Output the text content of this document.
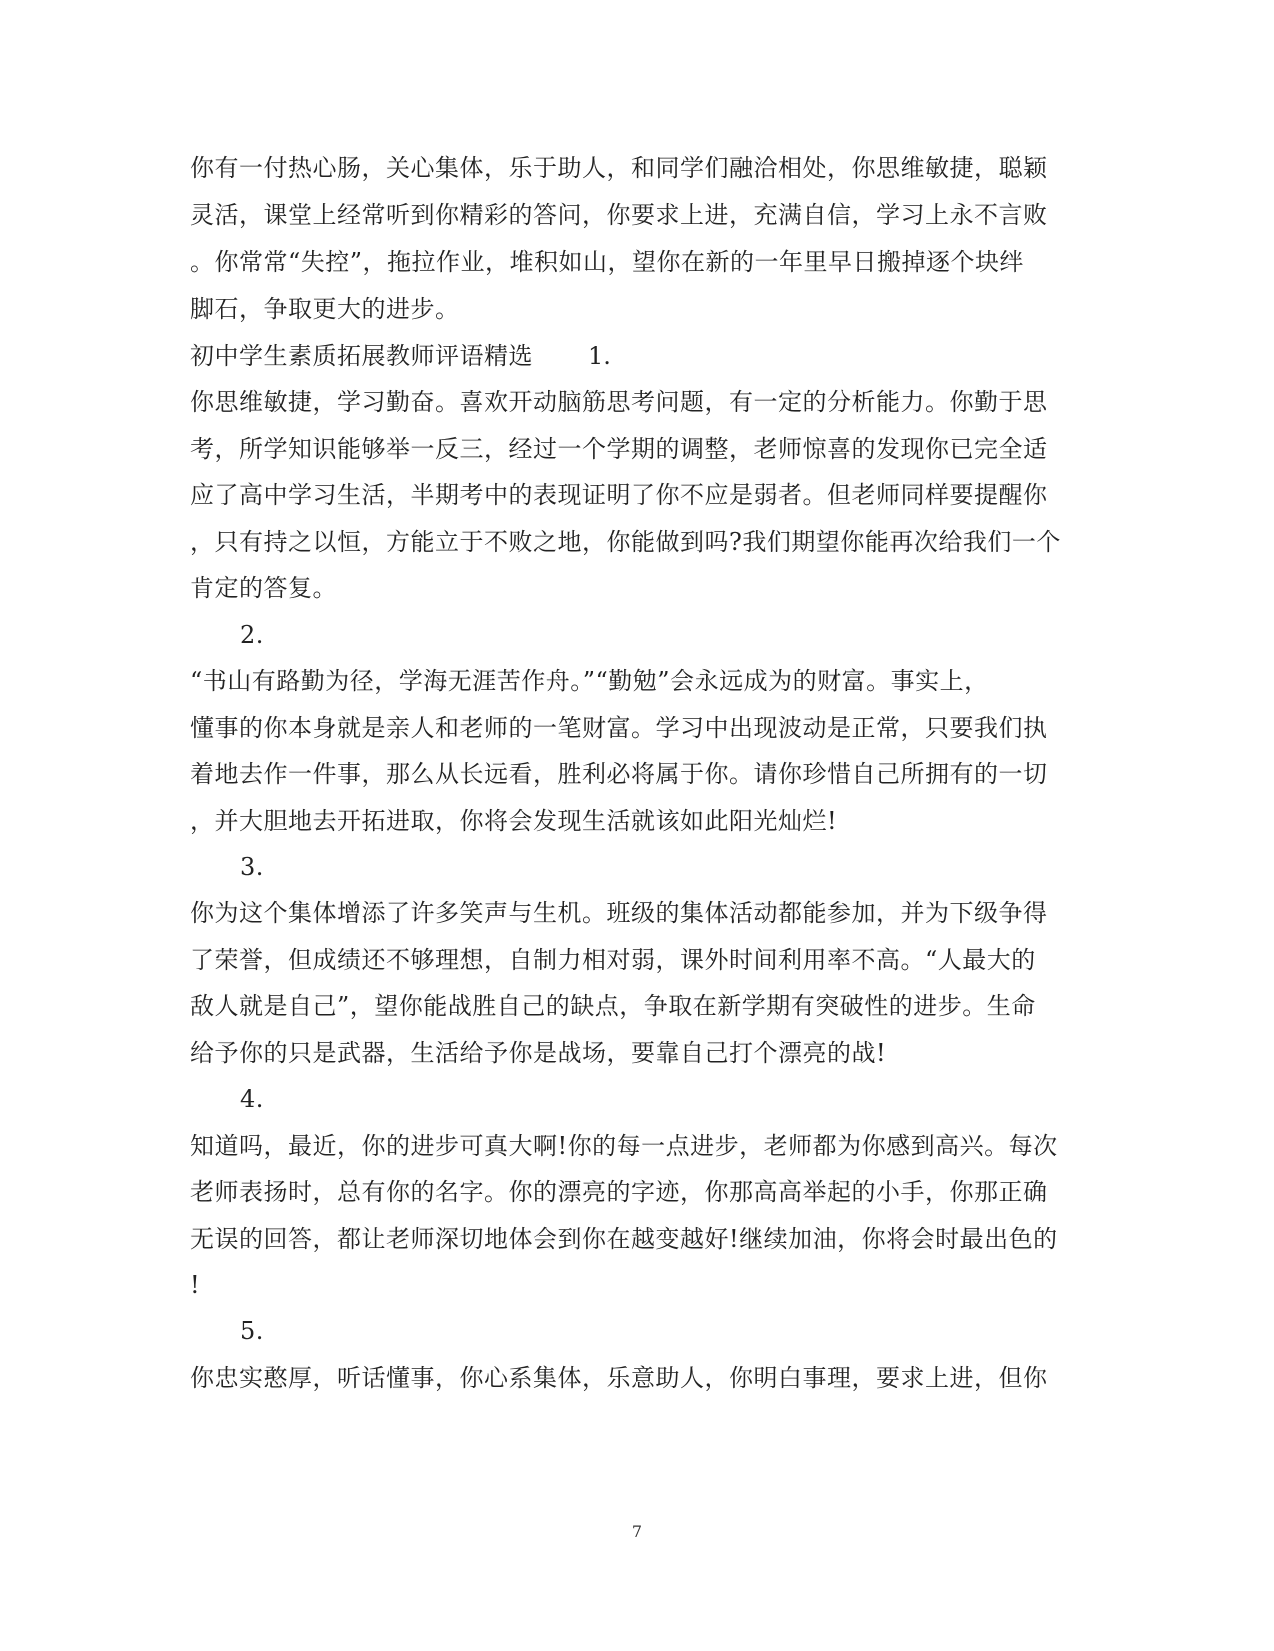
你有一付热心肠，关心集体，乐于助人，和同学们融洽相处，你思维敏捷，聪颖
灵活，课堂上经常听到你精彩的答问，你要求上进，充满自信，学习上永不言败
。你常常“失控”，拖拉作业，堆积如山，望你在新的一年里早日搬掉逐个块绊
脚石，争取更大的进步。
初中学生素质拓展教师评语精选 1.
你思维敏捷，学习勤奋。喜欢开动脑筋思考问题，有一定的分析能力。你勤于思
考，所学知识能够举一反三，经过一个学期的调整，老师惊喜的发现你已完全适
应了高中学习生活，半期考中的表现证明了你不应是弱者。但老师同样要提醒你
，只有持之以恒，方能立于不败之地，你能做到吗?我们期望你能再次给我们一个
肯定的答复。
2.
“书山有路勤为径，学海无涯苦作舟。”“勤勉”会永远成为的财富。事实上，
懂事的你本身就是亲人和老师的一笔财富。学习中出现波动是正常，只要我们执
着地去作一件事，那么从长远看，胜利必将属于你。请你珍惜自己所拥有的一切
，并大胆地去开拓进取，你将会发现生活就该如此阳光灿烂!
3.
你为这个集体增添了许多笑声与生机。班级的集体活动都能参加，并为下级争得
了荣誉，但成绩还不够理想，自制力相对弱，课外时间利用率不高。“人最大的
敌人就是自己”，望你能战胜自己的缺点，争取在新学期有突破性的进步。生命
给予你的只是武器，生活给予你是战场，要靠自己打个漂亮的战!
4.
知道吗，最近，你的进步可真大啊!你的每一点进步，老师都为你感到高兴。每次
老师表扬时，总有你的名字。你的漂亮的字迹，你那高高举起的小手，你那正确
无误的回答，都让老师深切地体会到你在越变越好!继续加油，你将会时最出色的
!
5.
你忠实憨厚，听话懂事，你心系集体，乐意助人，你明白事理，要求上进，但你
7
